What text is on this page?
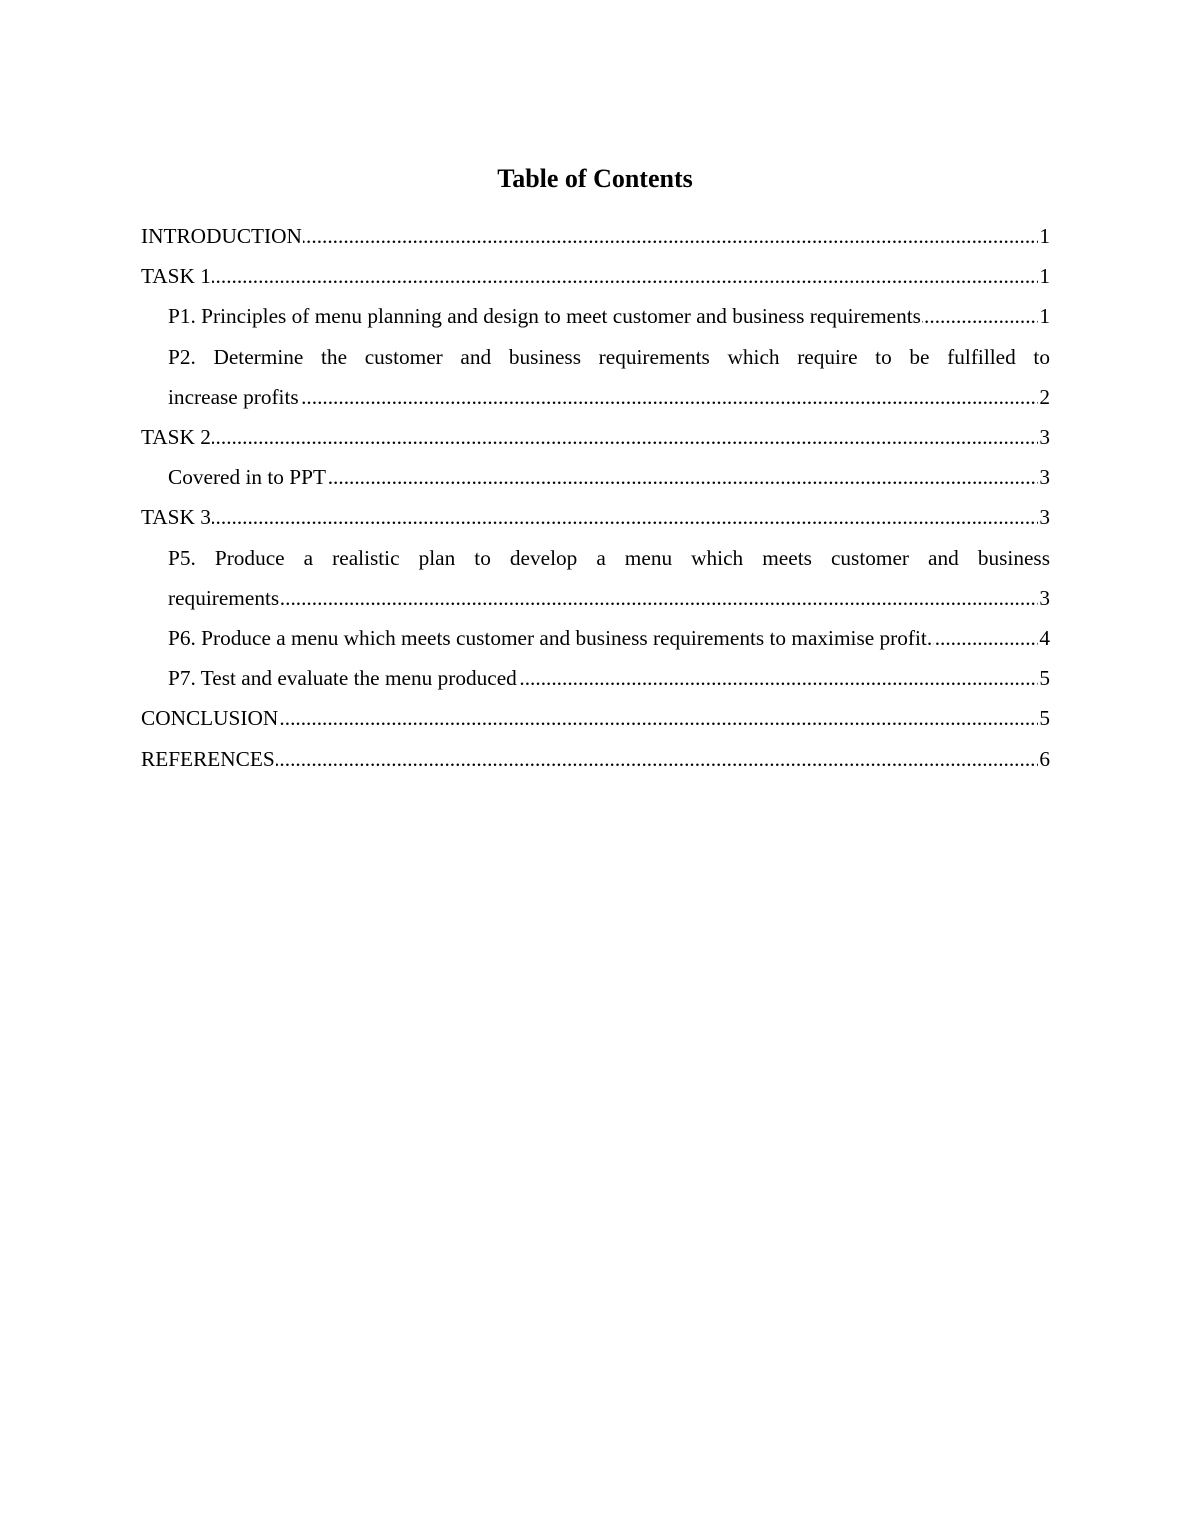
Table of Contents
INTRODUCTION	1
TASK 1	1
P1. Principles of menu planning and design to meet customer and business requirements	1
P2. Determine the customer and business requirements which require to be fulfilled to
increase profits	2
TASK 2	3
Covered in to PPT	3
TASK 3	3
P5. Produce a realistic plan to develop a menu which meets customer and business
requirements	3
P6. Produce a menu which meets customer and business requirements to maximise profit.	4
P7. Test and evaluate the menu produced	5
CONCLUSION	5
REFERENCES	6
